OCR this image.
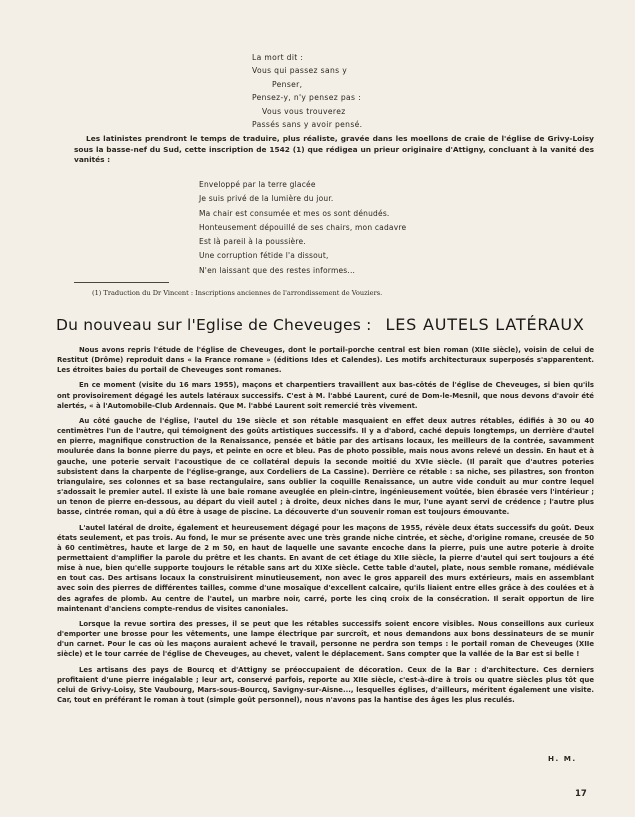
La mort dit :
Vous qui passez sans y
Penser,
Pensez-y, n'y pensez pas :
Vous vous trouverez
Passés sans y avoir pensé.
Les latinistes prendront le temps de traduire, plus réaliste, gravée dans les moellons de craie de l'église de Grivy-Loisy sous la basse-nef du Sud, cette inscription de 1542 (1) que rédigea un prieur originaire d'Attigny, concluant à la vanité des vanités :
Enveloppé par la terre glacée
Je suis privé de la lumière du jour.
Ma chair est consumée et mes os sont dénudés.
Honteusement dépouillé de ses chairs, mon cadavre
Est là pareil à la poussière.
Une corruption fétide l'a dissout,
N'en laissant que des restes informes...
(1) Traduction du Dr Vincent : Inscriptions anciennes de l'arrondissement de Vouziers.
Du nouveau sur l'Eglise de Cheveuges : LES AUTELS LATÉRAUX

Nous avons repris l'étude de l'église de Cheveuges, dont le portail-porche central est bien roman (XIIe siècle), voisin de celui de Restitut (Drôme) reproduit dans « la France romane » (éditions Ides et Calendes). Les motifs architecturaux superposés s'apparentent. Les étroites baies du portail de Cheveuges sont romanes.

En ce moment (visite du 16 mars 1955), maçons et charpentiers travaillent aux bas-côtés de l'église de Cheveuges, si bien qu'ils ont provisoirement dégagé les autels latéraux successifs. C'est à M. l'abbé Laurent, curé de Dom-le-Mesnil, que nous devons d'avoir été alertés, « à l'Automobile-Club Ardennais. Que M. l'abbé Laurent soit remercié très vivement.

Au côté gauche de l'église, l'autel du 19e siècle et son rétable masquaient en effet deux autres rétables, édifiés à 30 ou 40 centimètres l'un de l'autre, qui témoignent des goûts artistiques successifs. Il y a d'abord, caché depuis longtemps, un derrière d'autel en pierre, magnifique construction de la Renaissance, pensée et bâtie par des artisans locaux, les meilleurs de la contrée, savamment moulurée dans la bonne pierre du pays, et peinte en ocre et bleu. Pas de photo possible, mais nous avons relevé un dessin. En haut et à gauche, une poterie servait l'acoustique de ce collatéral depuis la seconde moitié du XVIe siècle. (Il paraît que d'autres poteries subsistent dans la charpente de l'église-grange, aux Cordeliers de La Cassine). Derrière ce rétable : sa niche, ses pilastres, son fronton triangulaire, ses colonnes et sa base rectangulaire, sans oublier la coquille Renaissance, un autre vide conduit au mur contre lequel s'adossait le premier autel. Il existe là une baie romane aveuglée en plein-cintre, ingénieusement voûtée, bien ébrasée vers l'intérieur ; un tenon de pierre en-dessous, au départ du vieil autel ; à droite, deux niches dans le mur, l'une ayant servi de crédence ; l'autre plus basse, cintrée roman, qui a dû être à usage de piscine. La découverte d'un souvenir roman est toujours émouvante.

L'autel latéral de droite, également et heureusement dégagé pour les maçons de 1955, révèle deux états successifs du goût. Deux états seulement, et pas trois. Au fond, le mur se présente avec une très grande niche cintrée, et sèche, d'origine romane, creusée de 50 à 60 centimètres, haute et large de 2 m 50, en haut de laquelle une savante encoche dans la pierre, puis une autre poterie à droite permettaient d'amplifier la parole du prêtre et les chants. En avant de cet étiage du XIIe siècle, la pierre d'autel qui sert toujours a été mise à nue, bien qu'elle supporte toujours le rétable sans art du XIXe siècle. Cette table d'autel, plate, nous semble romane, médiévale en tout cas. Des artisans locaux la construisirent minutieusement, non avec le gros appareil des murs extérieurs, mais en assemblant avec soin des pierres de différentes tailles, comme d'une mosaïque d'excellent calcaire, qu'ils liaient entre elles grâce à des coulées et à des agrafes de plomb. Au centre de l'autel, un marbre noir, carré, porte les cinq croix de la consécration. Il serait opportun de lire maintenant d'anciens compte-rendus de visites canoniales.

Lorsque la revue sortira des presses, il se peut que les rétables successifs soient encore visibles. Nous conseillons aux curieux d'emporter une brosse pour les vêtements, une lampe électrique par surcroît, et nous demandons aux bons dessinateurs de se munir d'un carnet. Pour le cas où les maçons auraient achevé le travail, personne ne perdra son temps : le portail roman de Cheveuges (XIIe siècle) et le tour carrée de l'église de Cheveuges, au chevet, valent le déplacement. Sans compter que la vallée de la Bar est si belle !

Les artisans des pays de Bourcq et d'Attigny se préoccupaient de décoration. Ceux de la Bar : d'architecture. Ces derniers profitaient d'une pierre inégalable ; leur art, conservé parfois, reporte au XIIe siècle, c'est-à-dire à trois ou quatre siècles plus tôt que celui de Grivy-Loisy, Ste Vaubourg, Mars-sous-Bourcq, Savigny-sur-Aisne..., lesquelles églises, d'ailleurs, méritent également une visite. Car, tout en préférant le roman à tout (simple goût personnel), nous n'avons pas la hantise des âges les plus reculés.

H. M.
17
